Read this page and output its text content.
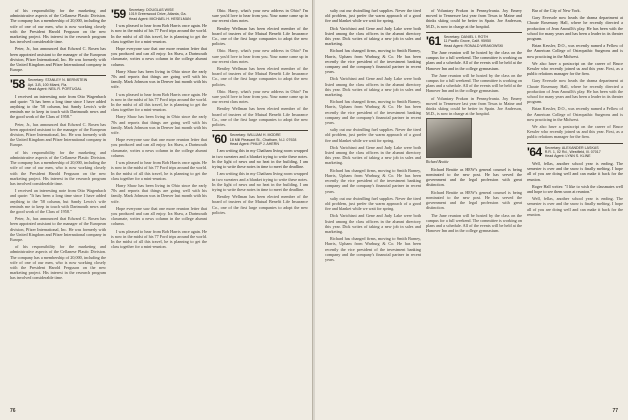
of his responsibility for the marketing and administrative aspects of the Cellanese Plastic Division. The company has a membership of 20,000, including the wife of one of our men, who is now working closely with the President Harold Ferguson on the new marketing project. His interest in the research program has involved considerable time.

Peter, Jr., has announced that Edward C. Rosen has been appointed assistant to the manager of the European division, Pfizer International, Inc. He was formerly with the United Kingdom and Pfizer International company in Europe.

'58 Secretary: STANLEY N. BERNSTEIN
Apt. 3-B, 100 Miami, Fla.
Head Agent: NEIL R. PORTUGAL

I received an interesting note from Otto Wagenbach and quote: "It has been a long time since I have added anything to the '58 column, but Sandy Lewis's wife reminds me to keep in touch with Dartmouth news and the good work of the Class of 1958."

Peter, Jr., has announced that Edward C. Rosen has been appointed assistant to the manager of the European division, Pfizer International, Inc. He was formerly with the United Kingdom and Pfizer International company in Europe.

of his responsibility for the marketing and administrative aspects of the Cellanese Plastic Division. The company has a membership of 20,000, including the wife of one of our men, who is now working closely with the President Harold Ferguson on the new marketing project. His interest in the research program has involved considerable time.

I received an interesting note from Otto Wagenbach and quote: "It has been a long time since I have added anything to the '58 column, but Sandy Lewis's wife reminds me to keep in touch with Dartmouth news and the good work of the Class of 1958."

Peter, Jr., has announced that Edward C. Rosen has been appointed assistant to the manager of the European division, Pfizer International, Inc. He was formerly with the United Kingdom and Pfizer International company in Europe.

of his responsibility for the marketing and administrative aspects of the Cellanese Plastic Division. The company has a membership of 20,000, including the wife of one of our men, who is now working closely with the President Harold Ferguson on the new marketing project. His interest in the research program has involved considerable time.

'59 Secretary: DOUGLAS WISE
1019 Greenwood Drive, Atlanta, Ga.
Head Agent: MICHAEL H. HESELMAN

I was pleased to hear from Bob Harris once again. He is now in the midst of his 77 Ford trips around the world. In the midst of all this travel, he is planning to get the class together for a mini-reunion.

Hope everyone saw that one more reunion letter that you produced and can all enjoy. Ira Shaw, a Dartmouth classmate, writes a news column in the college alumni column.

Harry Shaw has been living in Ohio since the early 70s and reports that things are going well with his family. Mark Johnson was in Denver last month with his wife.

I was pleased to hear from Bob Harris once again. He is now in the midst of his 77 Ford trips around the world. In the midst of all this travel, he is planning to get the class together for a mini-reunion.

Harry Shaw has been living in Ohio since the early 70s and reports that things are going well with his family. Mark Johnson was in Denver last month with his wife.

Hope everyone saw that one more reunion letter that you produced and can all enjoy. Ira Shaw, a Dartmouth classmate, writes a news column in the college alumni column.

I was pleased to hear from Bob Harris once again. He is now in the midst of his 77 Ford trips around the world. In the midst of all this travel, he is planning to get the class together for a mini-reunion.

Harry Shaw has been living in Ohio since the early 70s and reports that things are going well with his family. Mark Johnson was in Denver last month with his wife.

Hope everyone saw that one more reunion letter that you produced and can all enjoy. Ira Shaw, a Dartmouth classmate, writes a news column in the college alumni column.

I was pleased to hear from Bob Harris once again. He is now in the midst of his 77 Ford trips around the world. In the midst of all this travel, he is planning to get the class together for a mini-reunion.

Ohio. Harry, what's your new address in Ohio? I'm sure you'd love to hear from you. Your name came up in our recent class notes.

Bentley Wellman has been elected member of the board of trustees of the Mutual Benefit Life Insurance Co., one of the first large companies to adopt the new policies.

Ohio. Harry, what's your new address in Ohio? I'm sure you'd love to hear from you. Your name came up in our recent class notes.

Bentley Wellman has been elected member of the board of trustees of the Mutual Benefit Life Insurance Co., one of the first large companies to adopt the new policies.

Ohio. Harry, what's your new address in Ohio? I'm sure you'd love to hear from you. Your name came up in our recent class notes.

Bentley Wellman has been elected member of the board of trustees of the Mutual Benefit Life Insurance Co., one of the first large companies to adopt the new policies.

'60 Secretary: WILLIAM H. MODRE
18 Mill Pleasant St., Chatham, N.J. 07928
Head Agent: PHILIP J. AHERN

I am writing this in my Chatham living room wrapped in two sweaters and a blanket trying to write these notes. In the light of news and no heat in the building, I am trying to write these notes in time to meet the deadline.

I am writing this in my Chatham living room wrapped in two sweaters and a blanket trying to write these notes. In the light of news and no heat in the building, I am trying to write these notes in time to meet the deadline.

Bentley Wellman has been elected member of the board of trustees of the Mutual Benefit Life Insurance Co., one of the first large companies to adopt the new policies.

76

sulty out our dwindling fuel supplies. Never the tired old problem, just prefer the warm approach of a good fire and blanket while we wait for spring.

Dick Varichisni and Gene and Judy Lake were both listed among the class officers in the alumni directory this year. Dick writes of taking a new job in sales and marketing.

Richard has changed firms, moving to Smith Barney, Harris, Upham from Warburg & Co. He has been recently the vice president of the investment banking company and the company's financial partner in recent years.

Dick Varichisni and Gene and Judy Lake were both listed among the class officers in the alumni directory this year. Dick writes of taking a new job in sales and marketing.

Richard has changed firms, moving to Smith Barney, Harris, Upham from Warburg & Co. He has been recently the vice president of the investment banking company and the company's financial partner in recent years.

sulty out our dwindling fuel supplies. Never the tired old problem, just prefer the warm approach of a good fire and blanket while we wait for spring.

Dick Varichisni and Gene and Judy Lake were both listed among the class officers in the alumni directory this year. Dick writes of taking a new job in sales and marketing.

Richard has changed firms, moving to Smith Barney, Harris, Upham from Warburg & Co. He has been recently the vice president of the investment banking company and the company's financial partner in recent years.

sulty out our dwindling fuel supplies. Never the tired old problem, just prefer the warm approach of a good fire and blanket while we wait for spring.

Dick Varichisni and Gene and Judy Lake were both listed among the class officers in the alumni directory this year. Dick writes of taking a new job in sales and marketing.

Richard has changed firms, moving to Smith Barney, Harris, Upham from Warburg & Co. He has been recently the vice president of the investment banking company and the company's financial partner in recent years.

of Voluntary Prokon in Pennsylvania. Joy Emery moved to Tennessee last year from Texas to Maine and thinks skiing could be better in Spain. Joe Anderson, M.D., is now in charge at the hospital.

'61 Secretary: DANIEL I. ROTH
11 Pacific Grove, Calif. 95950
Head Agent: RONALD WRAKOWSKI

The June reunion will be hosted by the class on the campus for a full weekend. The committee is working on plans and a schedule. All of the events will be held at the Hanover Inn and in the college gymnasium.

The June reunion will be hosted by the class on the campus for a full weekend. The committee is working on plans and a schedule. All of the events will be held at the Hanover Inn and in the college gymnasium.

of Voluntary Prokon in Pennsylvania. Joy Emery moved to Tennessee last year from Texas to Maine and thinks skiing could be better in Spain. Joe Anderson, M.D., is now in charge at the hospital.

Richard Beattie

Richard Beattie as HEW's general counsel is being nominated to the new post. He has served the government and the legal profession with great distinction.

Richard Beattie as HEW's general counsel is being nominated to the new post. He has served the government and the legal profession with great distinction.

The June reunion will be hosted by the class on the campus for a full weekend. The committee is working on plans and a schedule. All of the events will be held at the Hanover Inn and in the college gymnasium.

Bar of the City of New York.

Gary Eversole now heads the drama department at Choate Rosemary Hall, where he recently directed a production of Jean Anouilh's play. He has been with the school for many years and has been a leader in its theater program.

Brian Kessler, D.O., was recently named a Fellow of the American College of Osteopathic Surgeons and is now practicing in the Midwest.

We also have a postscript on the career of Bruce Kessler who recently joined us and this year. First, as a public relations manager for the firm.

Gary Eversole now heads the drama department at Choate Rosemary Hall, where he recently directed a production of Jean Anouilh's play. He has been with the school for many years and has been a leader in its theater program.

Brian Kessler, D.O., was recently named a Fellow of the American College of Osteopathic Surgeons and is now practicing in the Midwest.

We also have a postscript on the career of Bruce Kessler who recently joined us and this year. First, as a public relations manager for the firm.

'64 Secretary: ALEXANDER LASKAS
R.R. 1, 02 Rd., Westfield, Ill. 07017
Head Agent: LYNN S. KLINE

Well, fellas, another school year is ending. The semester is over and the snow is finally melting. I hope all of you are doing well and can make it back for the reunion.

Roger Hall writes: "I like to wish the classmates well and hope to see them soon at reunion."

Well, fellas, another school year is ending. The semester is over and the snow is finally melting. I hope all of you are doing well and can make it back for the reunion.

77
